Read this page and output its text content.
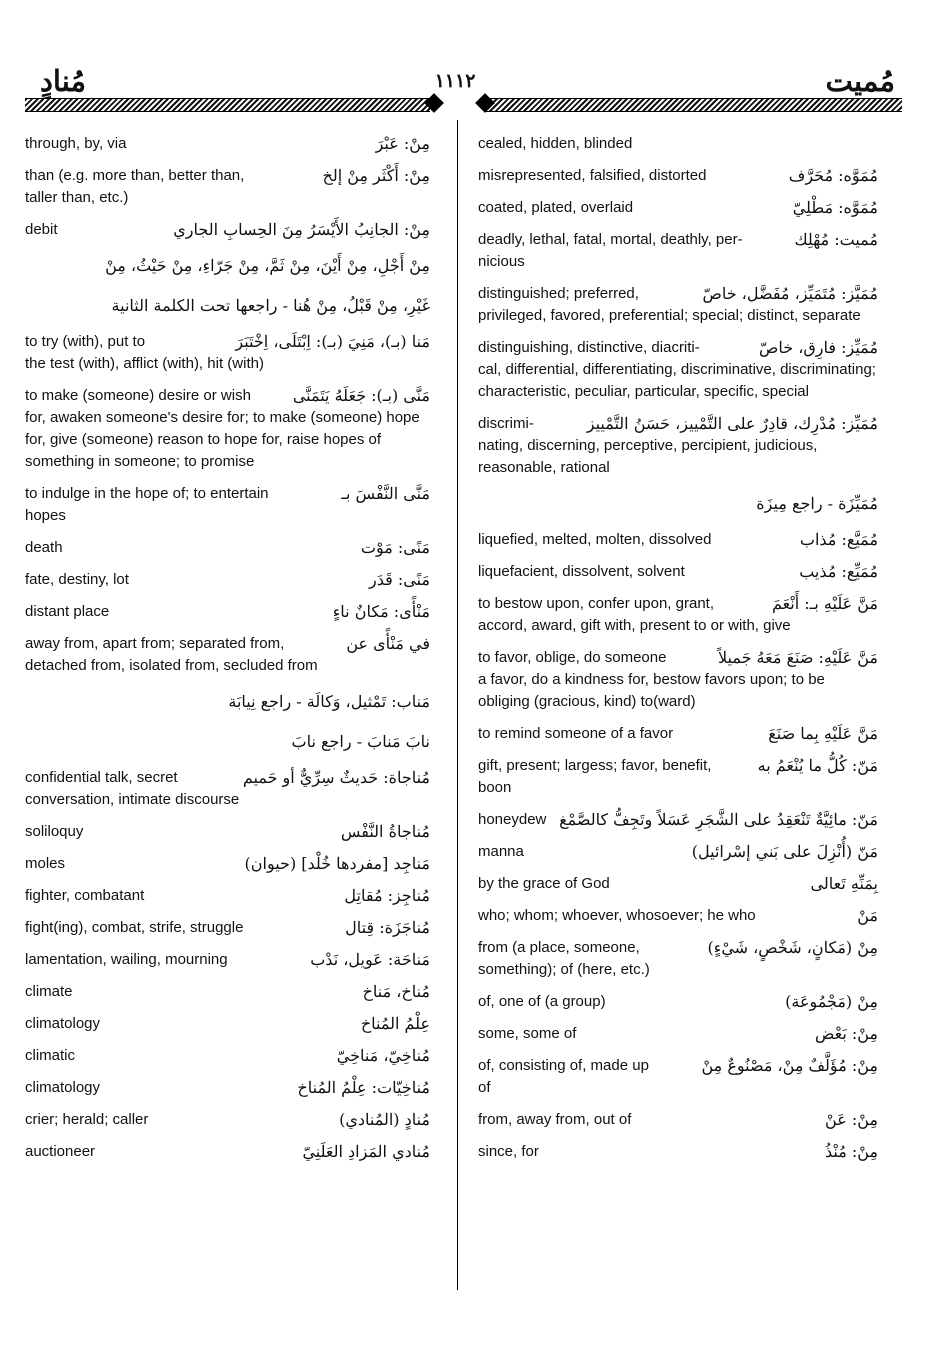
مُنادٍ	١١١٢	مُميت
through, by, via	مِنْ: عَبْرَ
than (e.g. more than, better than,	مِنْ: أَكْثَر مِنْ إلخ
taller than, etc.)
debit	مِنْ: الجانِبُ الأَيْسَرُ مِنَ الحِسابِ الجاري
مِنْ أَجْلِ، مِنْ أَيْنَ، مِنْ ثَمَّ، مِنْ جَرّاءِ، مِنْ حَيْثُ، مِنْ
غَيْرِ، مِنْ قَبْلُ، مِنْ هُنا - راجعها تحت الكلمة الثانية
to try (with), put to	مَنا (بـ)، مَنِيَ (بـ): اِبْتَلَى، اِخْتَبَرَ
the test (with), afflict (with), hit (with)
to make (someone) desire or wish	مَنَّى (بـ): جَعَلَهُ يَتَمَنَّى
for, awaken someone's desire for; to make (someone) hope for, give (someone) reason to hope for, raise hopes of something in someone; to promise
to indulge in the hope of; to entertain	مَنَّى النَّفْسَ بـ
hopes
death	مَنًى: مَوْت
fate, destiny, lot	مَنًى: قَدَر
distant place	مَنْأًى: مَكانٌ ناءٍ
away from, apart from; separated from,	في مَنْأًى عن
detached from, isolated from, secluded from
مَناب: تَمْثيل، وَكالَة - راجع نِيابَة
نابَ مَنابَ - راجع نابَ
confidential talk, secret	مُناجاة: حَديثٌ سِرِّيٌّ أو حَميم
conversation, intimate discourse
soliloquy	مُناجاةُ النَّفْس
moles	مَناجِد [مفردها خُلْد] (حيوان)
fighter, combatant	مُناجِز: مُقاتِل
fight(ing), combat, strife, struggle	مُناجَزَة: قِتال
lamentation, wailing, mourning	مَناحَة: عَويل، نَدْب
climate	مُناخ، مَناخ
climatology	عِلْمُ المُناخ
climatic	مُناخِيّ، مَناخِيّ
climatology	مُناخِيّات: عِلْمُ المُناخ
crier; herald; caller	مُنادٍ (المُنادي)
auctioneer	مُنادي المَزادِ العَلَنِيّ
cealed, hidden, blinded
misrepresented, falsified, distorted	مُمَوَّه: مُحَرَّف
coated, plated, overlaid	مُمَوَّه: مَطْلِيّ
deadly, lethal, fatal, mortal, deathly, per-	مُميت: مُهْلِك
nicious
distinguished; preferred,	مُمَيَّز: مُتَمَيِّز، مُفَضَّل، خاصّ
privileged, favored, preferential; special; distinct, separate
distinguishing, distinctive, diacriti-	مُمَيِّز: فارِق، خاصّ
cal, differential, differentiating, discriminative, discriminating; characteristic, peculiar, particular, specific, special
discrimi-	مُمَيِّز: مُدْرِك، قادِرٌ على التَّمْييز، حَسَنُ التَّمْييز
nating, discerning, perceptive, percipient, judicious, reasonable, rational
مُمَيِّزَة - راجع مِيزَة
liquefied, melted, molten, dissolved	مُمَيَّع: مُذاب
liquefacient, dissolvent, solvent	مُمَيِّع: مُذيب
to bestow upon, confer upon, grant,	مَنَّ عَلَيْهِ بـ: أَنْعَمَ
accord, award, gift with, present to or with, give
to favor, oblige, do someone	مَنَّ عَلَيْهِ: صَنَعَ مَعَهُ جَميلاً
a favor, do a kindness for, bestow favors upon; to be obliging (gracious, kind) to(ward)
to remind someone of a favor	مَنَّ عَلَيْهِ بِما صَنَعَ
gift, present; largess; favor, benefit,	مَنّ: كُلُّ ما يُنْعَمُ به
boon
honeydew مَنّ: مائِيَّةٌ تَنْعَقِدُ على الشَّجَرِ عَسَلاً وتَجِفُّ كالصَّمْغ
manna	مَنّ (أُنْزِلَ على بَني إسْرائيل)
by the grace of God	بِمَنِّهِ تَعالى
who; whom; whoever, whosoever; he who	مَنْ
from (a place, someone,	مِنْ (مَكانٍ، شَخْصٍ، شَيْءٍ)
something); of (here, etc.)
of, one of (a group)	مِنْ (مَجْمُوعَة)
some, some of	مِنْ: بَعْض
of, consisting of, made up	مِنْ: مُؤَلَّفٌ مِنْ، مَصْنُوعٌ مِنْ
of
from, away from, out of	مِنْ: عَنْ
since, for	مِنْ: مُنْذُ
